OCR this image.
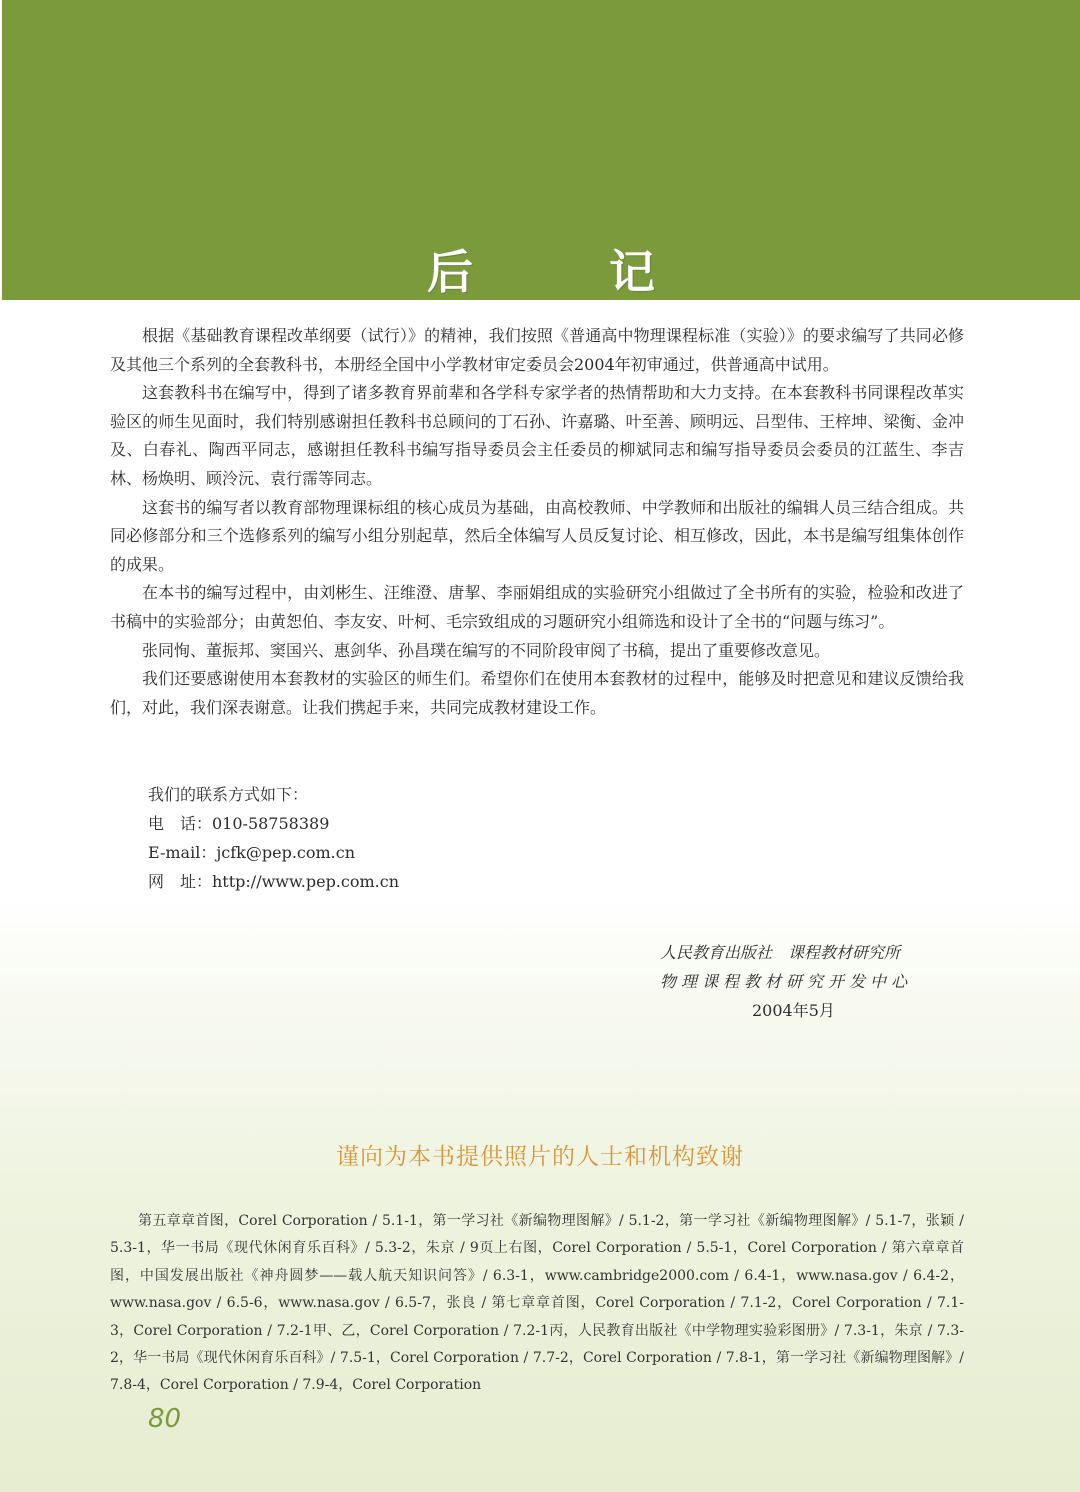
后 记

根据《基础教育课程改革纲要（试行）》的精神，我们按照《普通高中物理课程标准（实验）》的要求编写了共同必修及其他三个系列的全套教科书，本册经全国中小学教材审定委员会2004年初审通过，供普通高中试用。

这套教科书在编写中，得到了诸多教育界前辈和各学科专家学者的热情帮助和大力支持。在本套教科书同课程改革实验区的师生见面时，我们特别感谢担任教科书总顾问的丁石孙、许嘉璐、叶至善、顾明远、吕型伟、王梓坤、梁衡、金冲及、白春礼、陶西平同志，感谢担任教科书编写指导委员会主任委员的柳斌同志和编写指导委员会委员的江蓝生、李吉林、杨焕明、顾泠沅、袁行霈等同志。

这套书的编写者以教育部物理课标组的核心成员为基础，由高校教师、中学教师和出版社的编辑人员三结合组成。共同必修部分和三个选修系列的编写小组分别起草，然后全体编写人员反复讨论、相互修改，因此，本书是编写组集体创作的成果。

在本书的编写过程中，由刘彬生、汪维澄、唐挈、李丽娟组成的实验研究小组做过了全书所有的实验，检验和改进了书稿中的实验部分；由黄恕伯、李友安、叶柯、毛宗致组成的习题研究小组筛选和设计了全书的“问题与练习”。

张同恂、董振邦、窦国兴、惠剑华、孙昌璞在编写的不同阶段审阅了书稿，提出了重要修改意见。

我们还要感谢使用本套教材的实验区的师生们。希望你们在使用本套教材的过程中，能够及时把意见和建议反馈给我们，对此，我们深表谢意。让我们携起手来，共同完成教材建设工作。

我们的联系方式如下：
电　话：010-58758389
E-mail：jcfk@pep.com.cn
网　址：http://www.pep.com.cn
人民教育出版社　课程教材研究所
物理课程教材研究开发中心
2004年5月
谨向为本书提供照片的人士和机构致谢
第五章章首图，Corel Corporation / 5.1-1，第一学习社《新编物理图解》/ 5.1-2，第一学习社《新编物理图解》/ 5.1-7，张颖 / 5.3-1，华一书局《现代休闲育乐百科》/ 5.3-2，朱京 / 9页上右图，Corel Corporation / 5.5-1，Corel Corporation / 第六章章首图，中国发展出版社《神舟圆梦——载人航天知识问答》/ 6.3-1，www.cambridge2000.com / 6.4-1，www.nasa.gov / 6.4-2，www.nasa.gov / 6.5-6，www.nasa.gov / 6.5-7，张良 / 第七章章首图，Corel Corporation / 7.1-2，Corel Corporation / 7.1-3，Corel Corporation / 7.2-1甲、乙，Corel Corporation / 7.2-1丙，人民教育出版社《中学物理实验彩图册》/ 7.3-1，朱京 / 7.3-2，华一书局《现代休闲育乐百科》/ 7.5-1，Corel Corporation / 7.7-2，Corel Corporation / 7.8-1，第一学习社《新编物理图解》/ 7.8-4，Corel Corporation / 7.9-4，Corel Corporation
80
